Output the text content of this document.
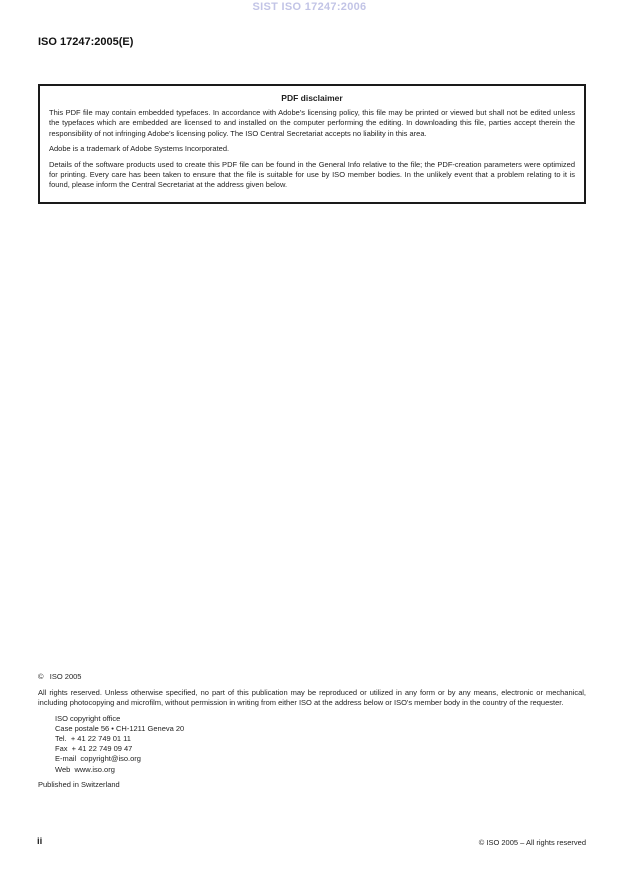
SIST ISO 17247:2006
ISO 17247:2005(E)
PDF disclaimer

This PDF file may contain embedded typefaces. In accordance with Adobe's licensing policy, this file may be printed or viewed but shall not be edited unless the typefaces which are embedded are licensed to and installed on the computer performing the editing. In downloading this file, parties accept therein the responsibility of not infringing Adobe's licensing policy. The ISO Central Secretariat accepts no liability in this area.

Adobe is a trademark of Adobe Systems Incorporated.

Details of the software products used to create this PDF file can be found in the General Info relative to the file; the PDF-creation parameters were optimized for printing. Every care has been taken to ensure that the file is suitable for use by ISO member bodies. In the unlikely event that a problem relating to it is found, please inform the Central Secretariat at the address given below.

©   ISO 2005
All rights reserved. Unless otherwise specified, no part of this publication may be reproduced or utilized in any form or by any means, electronic or mechanical, including photocopying and microfilm, without permission in writing from either ISO at the address below or ISO's member body in the country of the requester.
ISO copyright office
Case postale 56 • CH-1211 Geneva 20
Tel.  + 41 22 749 01 11
Fax  + 41 22 749 09 47
E-mail  copyright@iso.org
Web  www.iso.org
Published in Switzerland
ii	© ISO 2005 – All rights reserved
